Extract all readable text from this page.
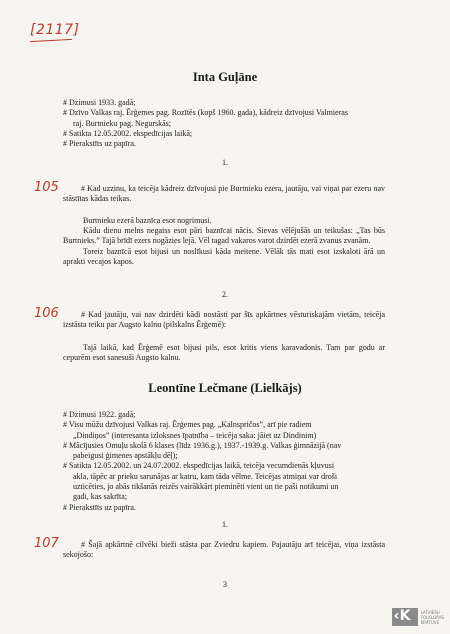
[2117]
Inta Guļāne
# Dzimusi 1933. gadā;
# Dzīvo Valkas raj. Ērģemes pag. Rozītēs (kopš 1960. gada), kādreiz dzīvojusi Valmieras
raj. Burtnieku pag. Negurskās;
# Satikta 12.05.2002. ekspedīcijas laikā;
# Pierakstīts uz papīra.
1.
105	# Kad uzzinu, ka teicēja kādreiz dzīvojusi pie Burtnieku ezera, jautāju, vai viņai par ezeru nav stāstītas kādas teikas.

Burtnieku ezerā baznīca esot nogrimusi.

Kādu dienu melns negaiss esot pāri baznīcai nācis. Sievas vēlējušās un teikušas: „Tas būs Burtnieks.” Tajā brīdī ezers nogāzies lejā. Vēl tagad vakaros varot dzirdēt ezerā zvanus zvanām.

Toreiz baznīcā esot bijusi un noslīkusi kāda meitene. Vēlāk tās mati esot izskaloti ārā un aprakti vecajos kapos.

2.
106	# Kad jautāju, vai nav dzirdēti kādi nostāsti par šīs apkārtnes vēsturiskajām vietām, teicēja izstāsta teiku par Augsto kalnu (pilskalns Ērģemē):

Tajā laikā, kad Ērģemē esot bijusi pils, esot kritis viens karavadonis. Tam par godu ar cepurēm esot sanesuši Augsto kalnu.

Leontīne Lečmane (Lielkājs)
# Dzimusi 1922. gadā;
# Visu mūžu dzīvojusi Valkas raj. Ērģemes pag. „Kalnspričos”, arī pie radiem
„Dindiņos” (interesanta izloksnes īpatnība – teicēja saka: jāiet uz Dindinim)
# Mācījusies Omuļu skolā 6 klases (līdz 1936.g.), 1937.-1939.g. Valkas ģimnāzijā (nav
pabeigusi ģimenes apstākļu dēļ);
# Satikta 12.05.2002. un 24.07.2002. ekspedīcijas laikā, teicēja vecumdienās kļuvusi
akla, tāpēc ar prieku sarunājas ar katru, kam tāda vēlme. Teicējas atmiņai var droši
uzticēties, jo abās tikšanās reizēs vairākkārt pieminēti vieni un tie paši notikumi un
gadi, kas sakrīta;
# Pierakstīts uz papīra.
1.
107	# Šajā apkārtnē cilvēki bieži stāsta par Zviedru kapiem. Pajautāju arī teicējai, viņa izstāsta sekojošo:

3
‹ K	LATVIEŠU
FOLKLORAS
KRĀTUVE
